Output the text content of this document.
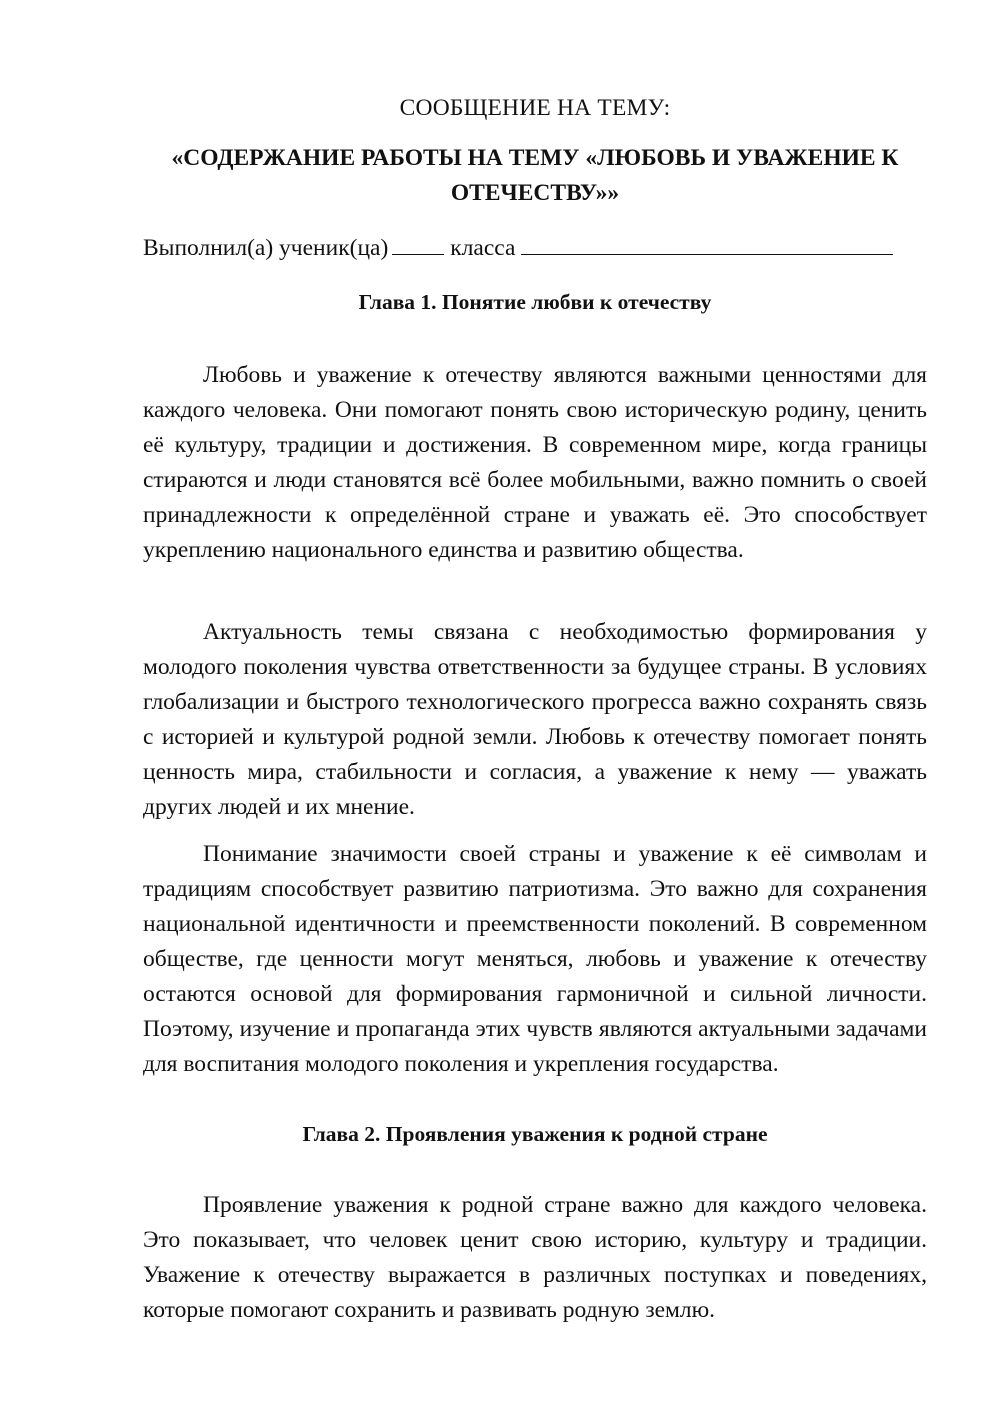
СООБЩЕНИЕ НА ТЕМУ:
«СОДЕРЖАНИЕ РАБОТЫ НА ТЕМУ «ЛЮБОВЬ И УВАЖЕНИЕ К
ОТЕЧЕСТВУ»»
Выполнил(а) ученик(ца)	класса
Глава 1. Понятие любви к отечеству

Любовь и уважение к отечеству являются важными ценностями для каждого человека. Они помогают понять свою историческую родину, ценить её культуру, традиции и достижения. В современном мире, когда границы стираются и люди становятся всё более мобильными, важно помнить о своей принадлежности к определённой стране и уважать её. Это способствует укреплению национального единства и развитию общества.

Актуальность темы связана с необходимостью формирования у молодого поколения чувства ответственности за будущее страны. В условиях глобализации и быстрого технологического прогресса важно сохранять связь с историей и культурой родной земли. Любовь к отечеству помогает понять ценность мира, стабильности и согласия, а уважение к нему — уважать других людей и их мнение.

Понимание значимости своей страны и уважение к её символам и традициям способствует развитию патриотизма. Это важно для сохранения национальной идентичности и преемственности поколений. В современном обществе, где ценности могут меняться, любовь и уважение к отечеству остаются основой для формирования гармоничной и сильной личности. Поэтому, изучение и пропаганда этих чувств являются актуальными задачами для воспитания молодого поколения и укрепления государства.

Глава 2. Проявления уважения к родной стране

Проявление уважения к родной стране важно для каждого человека. Это показывает, что человек ценит свою историю, культуру и традиции. Уважение к отечеству выражается в различных поступках и поведениях, которые помогают сохранить и развивать родную землю.
